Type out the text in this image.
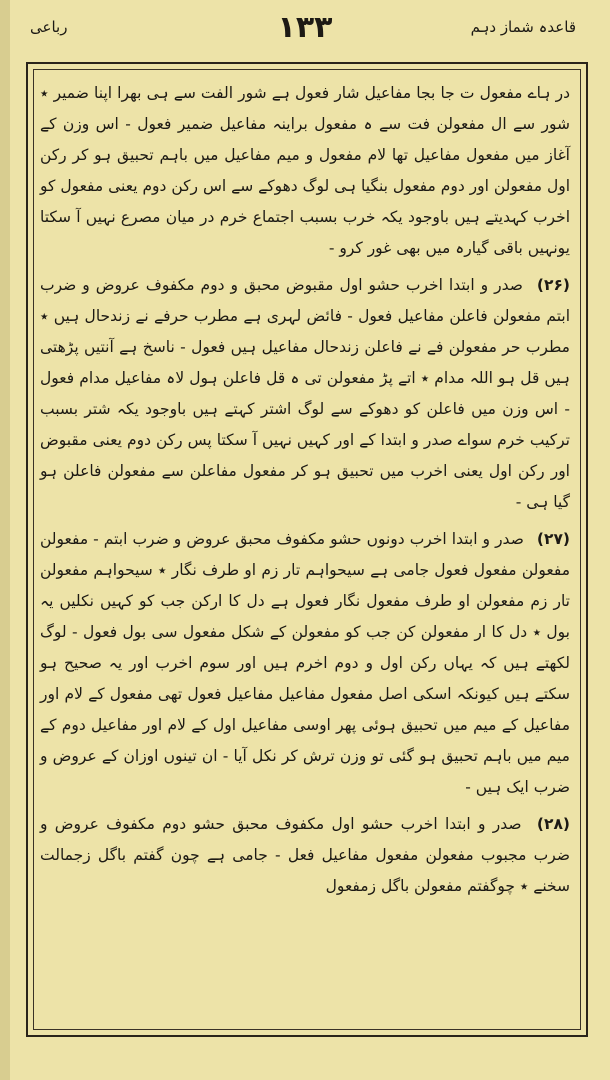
قاعدہ شماز دہم
۱۳۳
رباعی

در ہاے مفعول ت جا بجا مفاعیل شار فعول ہے شور الفت سے ہی بھرا اپنا ضمیر ٭ شور سے ال مفعولن فت سے ہ مفعول براینہ مفاعیل ضمیر فعول - اس وزن کے آغاز میں مفعول مفاعیل تھا لام مفعول و میم مفاعیل میں باہم تحبیق ہو کر رکن اول مفعولن اور دوم مفعول بنگیا ہی لوگ دھوکے سے اس رکن دوم یعنی مفعول کو اخرب کہدیتے ہیں باوجود یکہ خرب بسبب اجتماع خرم در میان مصرع نہیں آ سکتا یونہیں باقی گیارہ میں بھی غور کرو -

(۲۶) صدر و ابتدا اخرب حشو اول مقبوض محبق و دوم مکفوف عروض و ضرب ابتم مفعولن فاعلن مفاعیل فعول - فائض لہری ہے مطرب حرفے نے زندحال ہیں ٭ مطرب حر مفعولن فے نے فاعلن زندحال مفاعیل ہیں فعول - ناسخ ہے آنتیں پڑھتی ہیں قل ہو اللہ مدام ٭ اتے پڑ مفعولن تی ہ قل فاعلن ہول لاہ مفاعیل مدام فعول - اس وزن میں فاعلن کو دھوکے سے لوگ اشتر کہتے ہیں باوجود یکہ شتر بسبب ترکیب خرم سواے صدر و ابتدا کے اور کہیں نہیں آ سکتا پس رکن دوم یعنی مقبوض اور رکن اول یعنی اخرب میں تحبیق ہو کر مفعول مفاعلن سے مفعولن فاعلن ہو گیا ہی -

(۲۷) صدر و ابتدا اخرب دونوں حشو مکفوف محبق عروض و ضرب ابتم - مفعولن مفعولن مفعول فعول جامی ہے سیحواہم تار زم او طرف نگار ٭ سیحواہم مفعولن تار زم مفعولن او طرف مفعول نگار فعول ہے دل کا ارکن جب کو کہیں نکلیں یہ بول ٭ دل کا ار مفعولن کن جب کو مفعولن کے شکل مفعول سی بول فعول - لوگ لکھتے ہیں کہ یہاں رکن اول و دوم اخرم ہیں اور سوم اخرب اور یہ صحیح ہو سکتے ہیں کیونکہ اسکی اصل مفعول مفاعیل مفاعیل فعول تھی مفعول کے لام اور مفاعیل کے میم میں تحبیق ہوئی پھر اوسی مفاعیل اول کے لام اور مفاعیل دوم کے میم میں باہم تحبیق ہو گئی تو وزن ترش کر نکل آیا - ان تینوں اوزان کے عروض و ضرب ایک ہیں -

(۲۸) صدر و ابتدا اخرب حشو اول مکفوف محبق حشو دوم مکفوف عروض و ضرب مجبوب مفعولن مفعول مفاعیل فعل - جامی ہے چون گفتم باگل زجمالت سخنے ٭ چوگفتم مفعولن باگل زمفعول
